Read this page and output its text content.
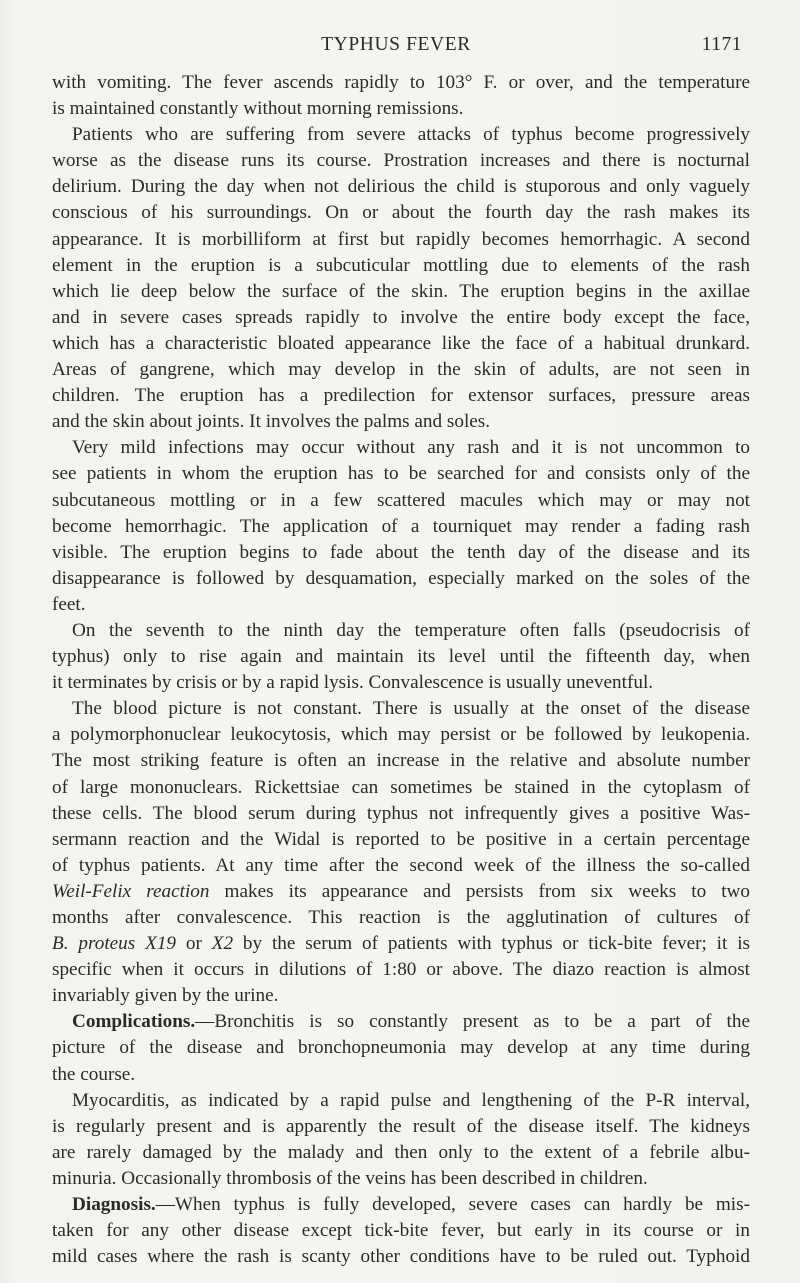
TYPHUS FEVER	1171
with vomiting. The fever ascends rapidly to 103° F. or over, and the temperature
is maintained constantly without morning remissions.
Patients who are suffering from severe attacks of typhus become progressively
worse as the disease runs its course. Prostration increases and there is nocturnal
delirium. During the day when not delirious the child is stuporous and only vaguely
conscious of his surroundings. On or about the fourth day the rash makes its
appearance. It is morbilliform at first but rapidly becomes hemorrhagic. A second
element in the eruption is a subcuticular mottling due to elements of the rash
which lie deep below the surface of the skin. The eruption begins in the axillae
and in severe cases spreads rapidly to involve the entire body except the face,
which has a characteristic bloated appearance like the face of a habitual drunkard.
Areas of gangrene, which may develop in the skin of adults, are not seen in
children. The eruption has a predilection for extensor surfaces, pressure areas
and the skin about joints. It involves the palms and soles.
Very mild infections may occur without any rash and it is not uncommon to
see patients in whom the eruption has to be searched for and consists only of the
subcutaneous mottling or in a few scattered macules which may or may not
become hemorrhagic. The application of a tourniquet may render a fading rash
visible. The eruption begins to fade about the tenth day of the disease and its
disappearance is followed by desquamation, especially marked on the soles of the
feet.
On the seventh to the ninth day the temperature often falls (pseudocrisis of
typhus) only to rise again and maintain its level until the fifteenth day, when
it terminates by crisis or by a rapid lysis. Convalescence is usually uneventful.
The blood picture is not constant. There is usually at the onset of the disease
a polymorphonuclear leukocytosis, which may persist or be followed by leukopenia.
The most striking feature is often an increase in the relative and absolute number
of large mononuclears. Rickettsiae can sometimes be stained in the cytoplasm of
these cells. The blood serum during typhus not infrequently gives a positive Was-
sermann reaction and the Widal is reported to be positive in a certain percentage
of typhus patients. At any time after the second week of the illness the so-called
Weil-Felix reaction makes its appearance and persists from six weeks to two
months after convalescence. This reaction is the agglutination of cultures of
B. proteus X19 or X2 by the serum of patients with typhus or tick-bite fever; it is
specific when it occurs in dilutions of 1:80 or above. The diazo reaction is almost
invariably given by the urine.
Complications.—Bronchitis is so constantly present as to be a part of the
picture of the disease and bronchopneumonia may develop at any time during
the course.
Myocarditis, as indicated by a rapid pulse and lengthening of the P-R interval,
is regularly present and is apparently the result of the disease itself. The kidneys
are rarely damaged by the malady and then only to the extent of a febrile albu-
minuria. Occasionally thrombosis of the veins has been described in children.
Diagnosis.—When typhus is fully developed, severe cases can hardly be mis-
taken for any other disease except tick-bite fever, but early in its course or in
mild cases where the rash is scanty other conditions have to be ruled out. Typhoid
